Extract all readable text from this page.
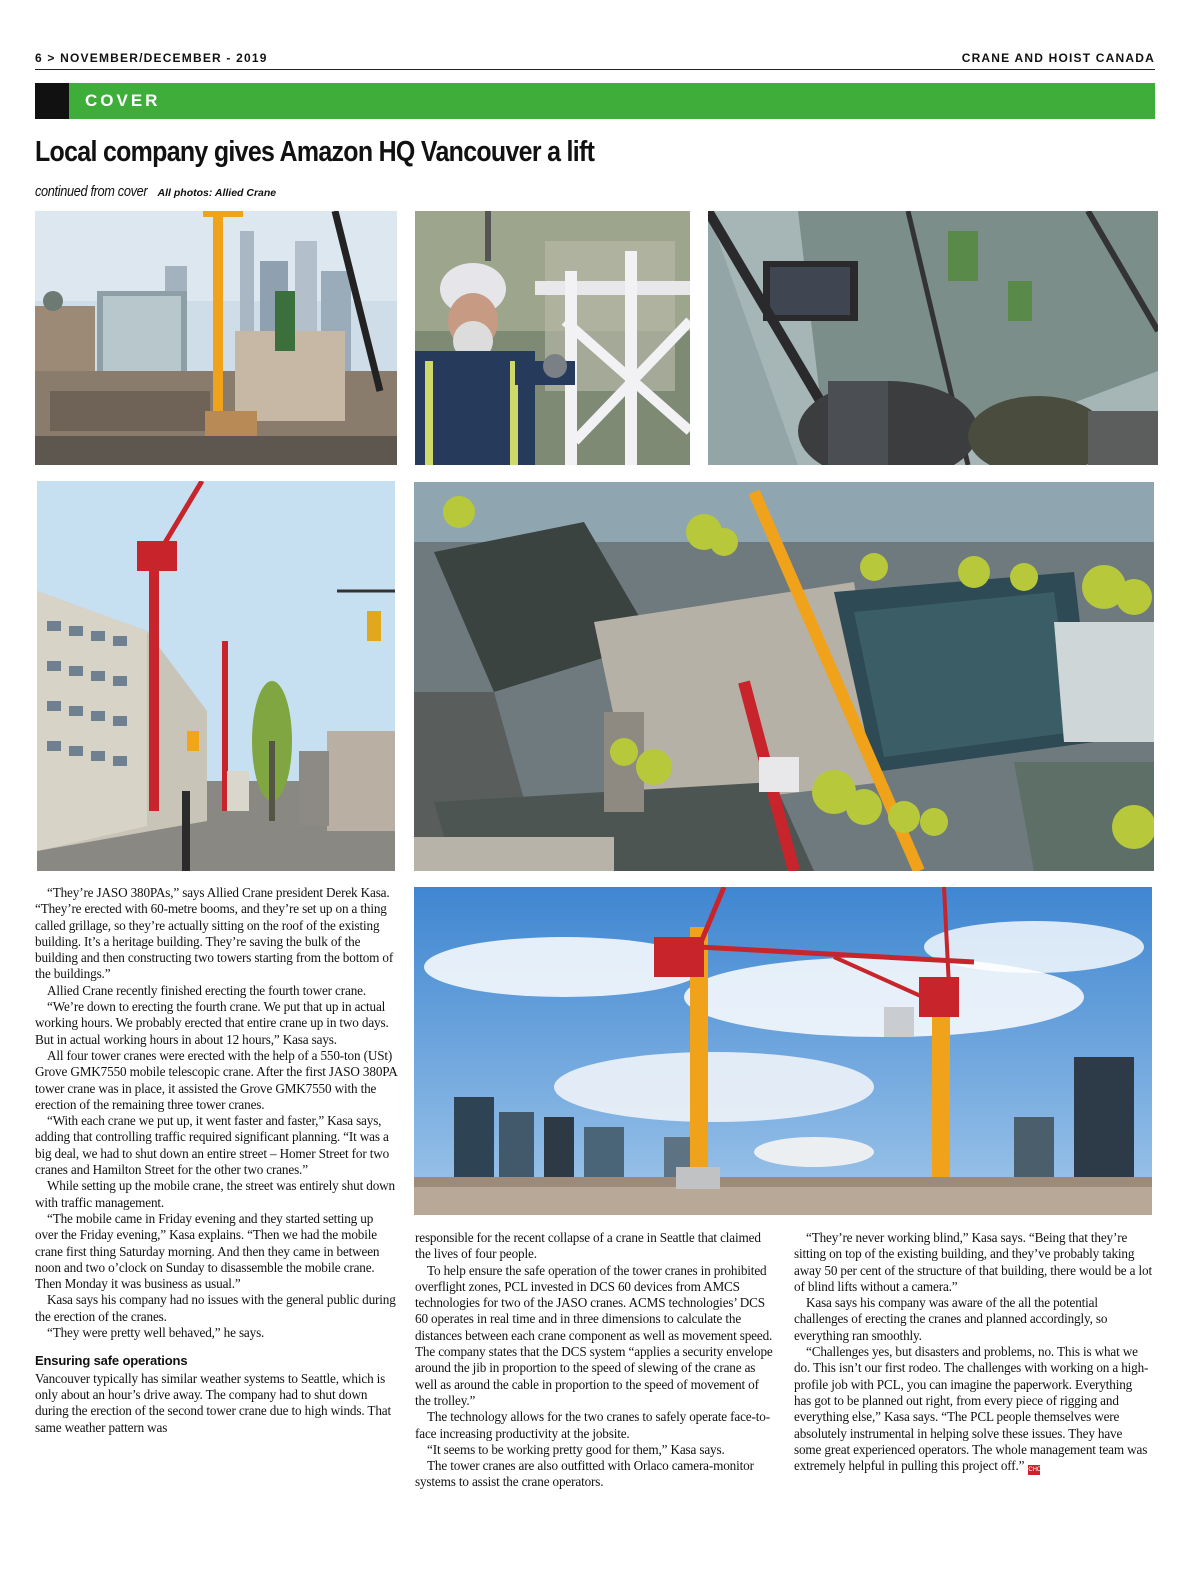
6 > NOVEMBER/DECEMBER - 2019	CRANE AND HOIST CANADA
COVER
Local company gives Amazon HQ Vancouver a lift
continued from cover All photos: Allied Crane

“They’re JASO 380PAs,” says Allied Crane president Derek Kasa. “They’re erected with 60-metre booms, and they’re set up on a thing called grillage, so they’re actually sitting on the roof of the existing building. It’s a heritage building. They’re saving the bulk of the building and then constructing two towers starting from the bottom of the buildings.”

Allied Crane recently finished erecting the fourth tower crane.

“We’re down to erecting the fourth crane. We put that up in actual working hours. We probably erected that entire crane up in two days. But in actual working hours in about 12 hours,” Kasa says.

All four tower cranes were erected with the help of a 550-ton (USt) Grove GMK7550 mobile telescopic crane. After the first JASO 380PA tower crane was in place, it assisted the Grove GMK7550 with the erection of the remaining three tower cranes.

“With each crane we put up, it went faster and faster,” Kasa says, adding that controlling traffic required significant planning. “It was a big deal, we had to shut down an entire street – Homer Street for two cranes and Hamilton Street for the other two cranes.”

While setting up the mobile crane, the street was entirely shut down with traffic management.

“The mobile came in Friday evening and they started setting up over the Friday evening,” Kasa explains. “Then we had the mobile crane first thing Saturday morning. And then they came in between noon and two o’clock on Sunday to disassemble the mobile crane. Then Monday it was business as usual.”

Kasa says his company had no issues with the general public during the erection of the cranes.

“They were pretty well behaved,” he says.

Ensuring safe operations

Vancouver typically has similar weather systems to Seattle, which is only about an hour’s drive away. The company had to shut down during the erection of the second tower crane due to high winds. That same weather pattern was

responsible for the recent collapse of a crane in Seattle that claimed the lives of four people.

To help ensure the safe operation of the tower cranes in prohibited overflight zones, PCL invested in DCS 60 devices from AMCS technologies for two of the JASO cranes. ACMS technologies’ DCS 60 operates in real time and in three dimensions to calculate the distances between each crane component as well as movement speed. The company states that the DCS system “applies a security envelope around the jib in proportion to the speed of slewing of the crane as well as around the cable in proportion to the speed of movement of the trolley.”

The technology allows for the two cranes to safely operate face-to-face increasing productivity at the jobsite.

“It seems to be working pretty good for them,” Kasa says.

The tower cranes are also outfitted with Orlaco camera-monitor systems to assist the crane operators.

“They’re never working blind,” Kasa says. “Being that they’re sitting on top of the existing building, and they’ve probably taking away 50 per cent of the structure of that building, there would be a lot of blind lifts without a camera.”

Kasa says his company was aware of the all the potential challenges of erecting the cranes and planned accordingly, so everything ran smoothly.

“Challenges yes, but disasters and problems, no. This is what we do. This isn’t our first rodeo. The challenges with working on a high-profile job with PCL, you can imagine the paperwork. Everything has got to be planned out right, from every piece of rigging and everything else,” Kasa says. “The PCL people themselves were absolutely instrumental in helping solve these issues. They have some great experienced operators. The whole management team was extremely helpful in pulling this project off.” CHC
